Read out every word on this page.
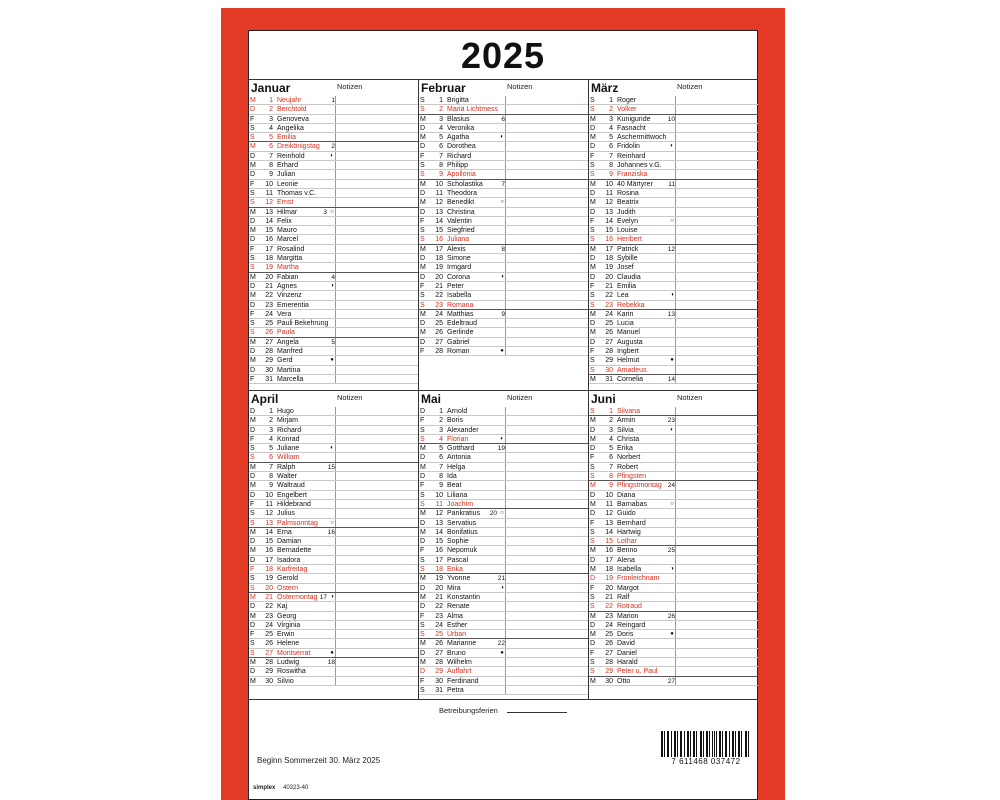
2025
Januar	Notizen
M	1 Neujahr	1
D	2 Berchtold
F	3 Genoveva
S	4 Angelika
S	5 Emilia
M	6 Dreikönigstag	2
D	7 Reinhold	◐
M	8 Erhard
D	9 Julian
F	10 Leonie
S	11 Thomas v.C.
S	12 Ernst
M	13 Hilmar	3 ○
D	14 Felix
M	15 Mauro
D	16 Marcel
F	17 Rosalind
S	18 Margitta
S	19 Martha
M	20 Fabian	4
D	21 Agnes	◑
M	22 Vinzenz
D	23 Emerentia
F	24 Vera
S	25 Pauli Bekehrung
S	26 Paula
M	27 Angela	5
D	28 Manfred
M	29 Gerd	●
D	30 Martina
F	31 Marcella
Februar	Notizen
S	1 Brigitta
S	2 Mariä Lichtmess
M	3 Blasius	6
D	4 Veronika
M	5 Agatha	◐
D	6 Dorothea
F	7 Richard
S	8 Philipp
S	9 Apollonia
M	10 Scholastika	7
D	11 Theodora
M	12 Benedikt	○
D	13 Christina
F	14 Valentin
S	15 Siegfried
S	16 Juliana
M	17 Alexis	8
D	18 Simone
M	19 Irmgard
D	20 Corona	◑
F	21 Peter
S	22 Isabella
S	23 Romana
M	24 Matthias	9
D	25 Edeltraud
M	26 Gerlinde
D	27 Gabriel
F	28 Roman	●
März	Notizen
S	1 Roger
S	2 Volker
M	3 Kunigunde	10
D	4 Fasnacht
M	5 Aschermittwoch
D	6 Fridolin	◐
F	7 Reinhard
S	8 Johannes v.G.
S	9 Franziska
M	10 40 Märtyrer	11
D	11 Rosina
M	12 Beatrix
D	13 Judith
F	14 Evelyn	○
S	15 Louise
S	16 Heribert
M	17 Patrick	12
D	18 Sybille
M	19 Josef
D	20 Claudia
F	21 Emilia
S	22 Lea	◑
S	23 Rebekka
M	24 Karin	13
D	25 Lucia
M	26 Manuel
D	27 Augusta
F	28 Ingbert
S	29 Helmut	●
S	30 Amadeus
M	31 Cornelia	14
April	Notizen
D	1 Hugo
M	2 Mirjam
D	3 Richard
F	4 Konrad
S	5 Juliane	◐
S	6 William
M	7 Ralph	15
D	8 Walter
M	9 Waltraud
D	10 Engelbert
F	11 Hildebrand
S	12 Julius
S	13 Palmsonntag	○
M	14 Erna	16
D	15 Damian
M	16 Bernadette
D	17 Isadora
F	18 Karfreitag
S	19 Gerold
S	20 Ostern
M	21 Ostermontag 17 ◑
D	22 Kaj
M	23 Georg
D	24 Virginia
F	25 Erwin
S	26 Helene
S	27 Montserrat	●
M	28 Ludwig	18
D	29 Roswitha
M	30 Silvio
Mai	Notizen
D	1 Arnold
F	2 Boris
S	3 Alexander
S	4 Florian	◐
M	5 Gotthard	19
D	6 Antonia
M	7 Helga
D	8 Ida
F	9 Beat
S	10 Liliana
S	11 Joachim
M	12 Pankratius	20 ○
D	13 Servatius
M	14 Bonifatius
D	15 Sophie
F	16 Nepomuk
S	17 Pascal
S	18 Erika
M	19 Yvonne	21
D	20 Mira	◑
M	21 Konstantin
D	22 Renate
F	23 Alma
S	24 Esther
S	25 Urban
M	26 Marianne	22
D	27 Bruno	●
M	28 Wilhelm
D	29 Auffahrt
F	30 Ferdinand
S	31 Petra
Juni	Notizen
S	1 Silvana
M	2 Armin	23
D	3 Silvia	◐
M	4 Christa
D	5 Erika
F	6 Norbert
S	7 Robert
S	8 Pfingsten
M	9 Pfingstmontag 24
D	10 Diana
M	11 Barnabas	○
D	12 Guido
F	13 Bernhard
S	14 Hartwig
S	15 Lothar
M	16 Benno	25
D	17 Alena
M	18 Isabella	◑
D	19 Fronleichnam
F	20 Margot
S	21 Ralf
S	22 Rotraud
M	23 Marion	26
D	24 Reingard
M	25 Doris	●
D	26 David
F	27 Daniel
S	28 Harald
S	29 Peter u. Paul
M	30 Otto	27
Betreibungsferien
Beginn Sommerzeit 30. März 2025
simplex 40323-40
7 611468 037472
